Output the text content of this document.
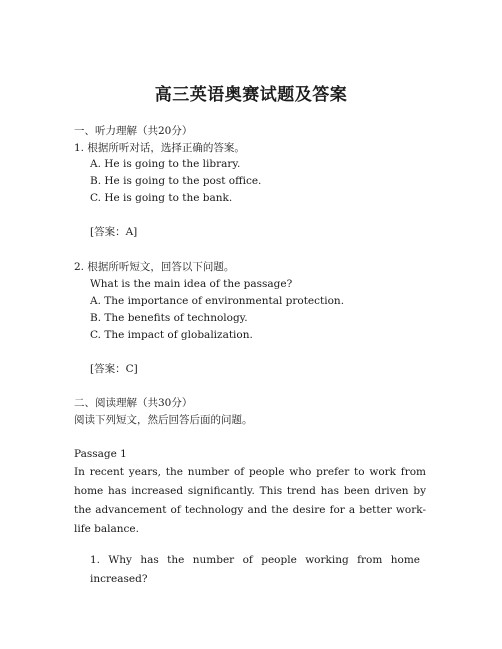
高三英语奥赛试题及答案
一、听力理解（共20分）
1. 根据所听对话，选择正确的答案。
A. He is going to the library.
B. He is going to the post office.
C. He is going to the bank.
[答案：A]
2. 根据所听短文，回答以下问题。
What is the main idea of the passage?
A. The importance of environmental protection.
B. The benefits of technology.
C. The impact of globalization.
[答案：C]
二、阅读理解（共30分）
阅读下列短文，然后回答后面的问题。
Passage 1
In recent years, the number of people who prefer to work from home has increased significantly. This trend has been driven by the advancement of technology and the desire for a better work-life balance.
1. Why has the number of people working from home increased?
